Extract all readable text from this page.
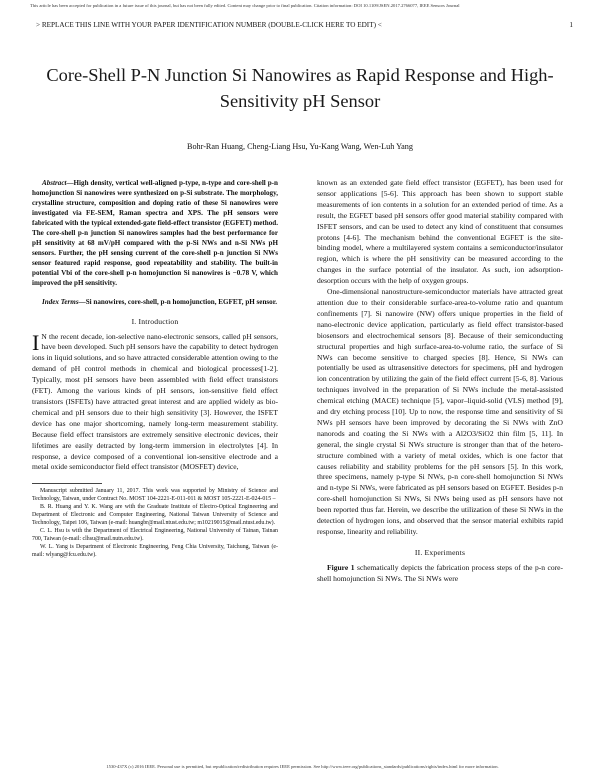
This article has been accepted for publication in a future issue of this journal, but has not been fully edited. Content may change prior to final publication. Citation information: DOI 10.1109/JSEN.2017.2766077, IEEE Sensors Journal
> REPLACE THIS LINE WITH YOUR PAPER IDENTIFICATION NUMBER (DOUBLE-CLICK HERE TO EDIT) <	1
Core-Shell P-N Junction Si Nanowires as Rapid Response and High-Sensitivity pH Sensor
Bohr-Ran Huang, Cheng-Liang Hsu, Yu-Kang Wang, Wen-Luh Yang

Abstract—High density, vertical well-aligned p-type, n-type and core-shell p-n homojunction Si nanowires were synthesized on p-Si substrate. The morphology, crystalline structure, composition and doping ratio of these Si nanowires were investigated via FE-SEM, Raman spectra and XPS. The pH sensors were fabricated with the typical extended-gate field-effect transistor (EGFET) method. The core-shell p-n junction Si nanowires samples had the best performance for pH sensitivity at 68 mV/pH compared with the p-Si NWs and n-Si NWs pH sensors. Further, the pH sensing current of the core-shell p-n junction Si NWs sensor featured rapid response, good repeatability and stability. The built-in potential Vbi of the core-shell p-n homojunction Si nanowires is −0.78 V, which improved the pH sensitivity.

Index Terms—Si nanowires, core-shell, p-n homojunction, EGFET, pH sensor.

I. Introduction

I N the recent decade, ion-selective nano-electronic sensors, called pH sensors, have been developed. Such pH sensors have the capability to detect hydrogen ions in liquid solutions, and so have attracted considerable attention owing to the demand of pH control methods in chemical and biological processes[1-2]. Typically, most pH sensors have been assembled with field effect transistors (FET). Among the various kinds of pH sensors, ion-sensitive field effect transistors (ISFETs) have attracted great interest and are applied widely as bio-chemical and pH sensors due to their high sensitivity [3]. However, the ISFET device has one major shortcoming, namely long-term measurement stability. Because field effect transistors are extremely sensitive electronic devices, their lifetimes are easily detracted by long-term immersion in electrolytes [4]. In response, a device composed of a conventional ion-sensitive electrode and a metal oxide semiconductor field effect transistor (MOSFET) device,

Manuscript submitted January 11, 2017. This work was supported by Ministry of Science and Technology, Taiwan, under Contract No. MOST 104-2221-E-011-011 & MOST 105-2221-E-024-015 –

B. R. Huang and Y. K. Wang are with the Graduate Institute of Electro-Optical Engineering and Department of Electronic and Computer Engineering, National Taiwan University of Science and Technology, Taipei 106, Taiwan (e-mail: huangbr@mail.ntust.edu.tw; m10219015@mail.ntust.edu.tw).

C. L. Hsu is with the Department of Electrical Engineering, National University of Tainan, Tainan 700, Taiwan (e-mail: clhsu@mail.nutn.edu.tw).

W. L. Yang is Department of Electronic Engineering, Feng Chia University, Taichung, Taiwan (e-mail: wlyang@fcu.edu.tw).

known as an extended gate field effect transistor (EGFET), has been used for sensor applications [5-6]. This approach has been shown to support stable measurements of ion contents in a solution for an extended period of time. As a result, the EGFET based pH sensors offer good material stability compared with ISFET sensors, and can be used to detect any kind of constituent that consumes protons [4-6]. The mechanism behind the conventional EGFET is the site-binding model, where a multilayered system contains a semiconductor/insulator region, which is where the pH sensitivity can be measured according to the changes in the surface potential of the insulator. As such, ion adsorption-desorption occurs with the help of oxygen groups.

One-dimensional nanostructure-semiconductor materials have attracted great attention due to their considerable surface-area-to-volume ratio and quantum confinements [7]. Si nanowire (NW) offers unique properties in the field of nano-electronic device application, particularly as field effect transistor-based biosensors and electrochemical sensors [8]. Because of their semiconducting structural properties and high surface-area-to-volume ratio, the surface of Si NWs can become sensitive to charged species [8]. Hence, Si NWs can potentially be used as ultrasensitive detectors for specimens, pH and hydrogen ion concentration by utilizing the gain of the field effect current [5-6, 8]. Various techniques involved in the preparation of Si NWs include the metal-assisted chemical etching (MACE) technique [5], vapor–liquid-solid (VLS) method [9], and dry etching process [10]. Up to now, the response time and sensitivity of Si NWs pH sensors have been improved by decorating the Si NWs with ZnO nanorods and coating the Si NWs with a Al2O3/SiO2 thin film [5, 11]. In general, the single crystal Si NWs structure is stronger than that of the hetero-structure combined with a variety of metal oxides, which is one factor that causes reliability and stability problems for the pH sensors [5]. In this work, three specimens, namely p-type Si NWs, p-n core-shell homojunction Si NWs and n-type Si NWs, were fabricated as pH sensors based on EGFET. Besides p-n core-shell homojunction Si NWs, Si NWs being used as pH sensors have not been reported thus far. Herein, we describe the utilization of these Si NWs in the detection of hydrogen ions, and observed that the sensor material exhibits rapid response, linearity and reliability.

II. Experiments

Figure 1 schematically depicts the fabrication process steps of the p-n core-shell homojunction Si NWs. The Si NWs were

1530-437X (c) 2016 IEEE. Personal use is permitted, but republication/redistribution requires IEEE permission. See http://www.ieee.org/publications_standards/publications/rights/index.html for more information.
